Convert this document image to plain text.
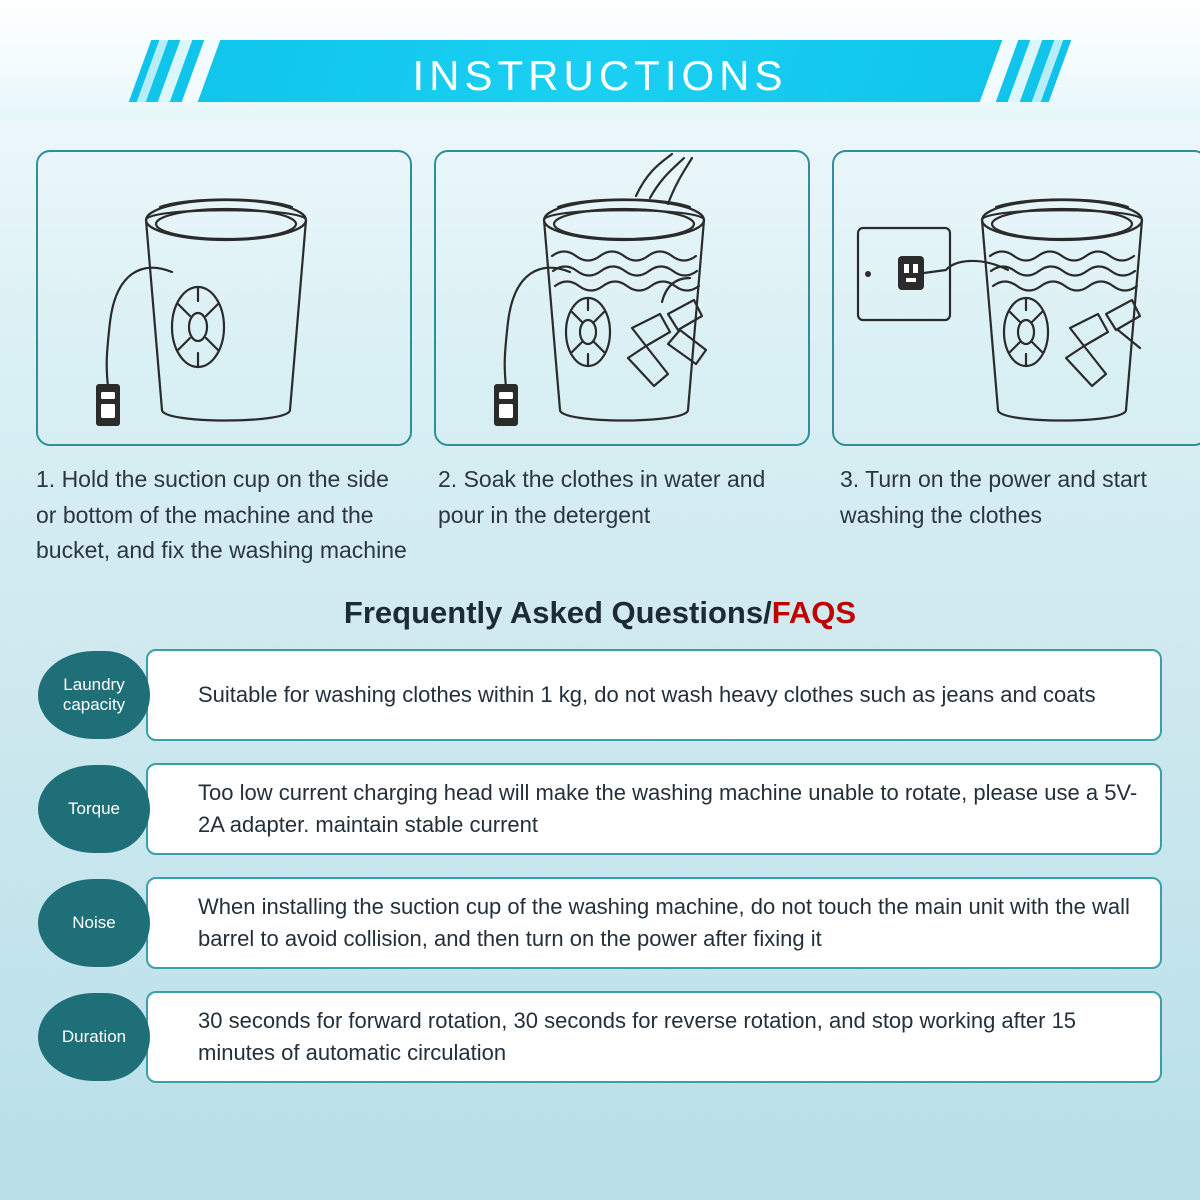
INSTRUCTIONS
1. Hold the suction cup on the side or bottom of the machine and the bucket, and fix the washing machine
2. Soak the clothes in water and pour in the detergent
3. Turn on the power and start washing the clothes
Frequently Asked Questions/FAQS
Suitable for washing clothes within 1 kg, do not wash heavy clothes such as jeans and coats
Laundry capacity
Too low current charging head will make the washing machine unable to rotate, please use a 5V-2A adapter. maintain stable current
Torque
When installing the suction cup of the washing machine, do not touch the main unit with the wall barrel to avoid collision, and then turn on the power after fixing it
Noise
30 seconds for forward rotation, 30 seconds for reverse rotation, and stop working after 15 minutes of automatic circulation
Duration
